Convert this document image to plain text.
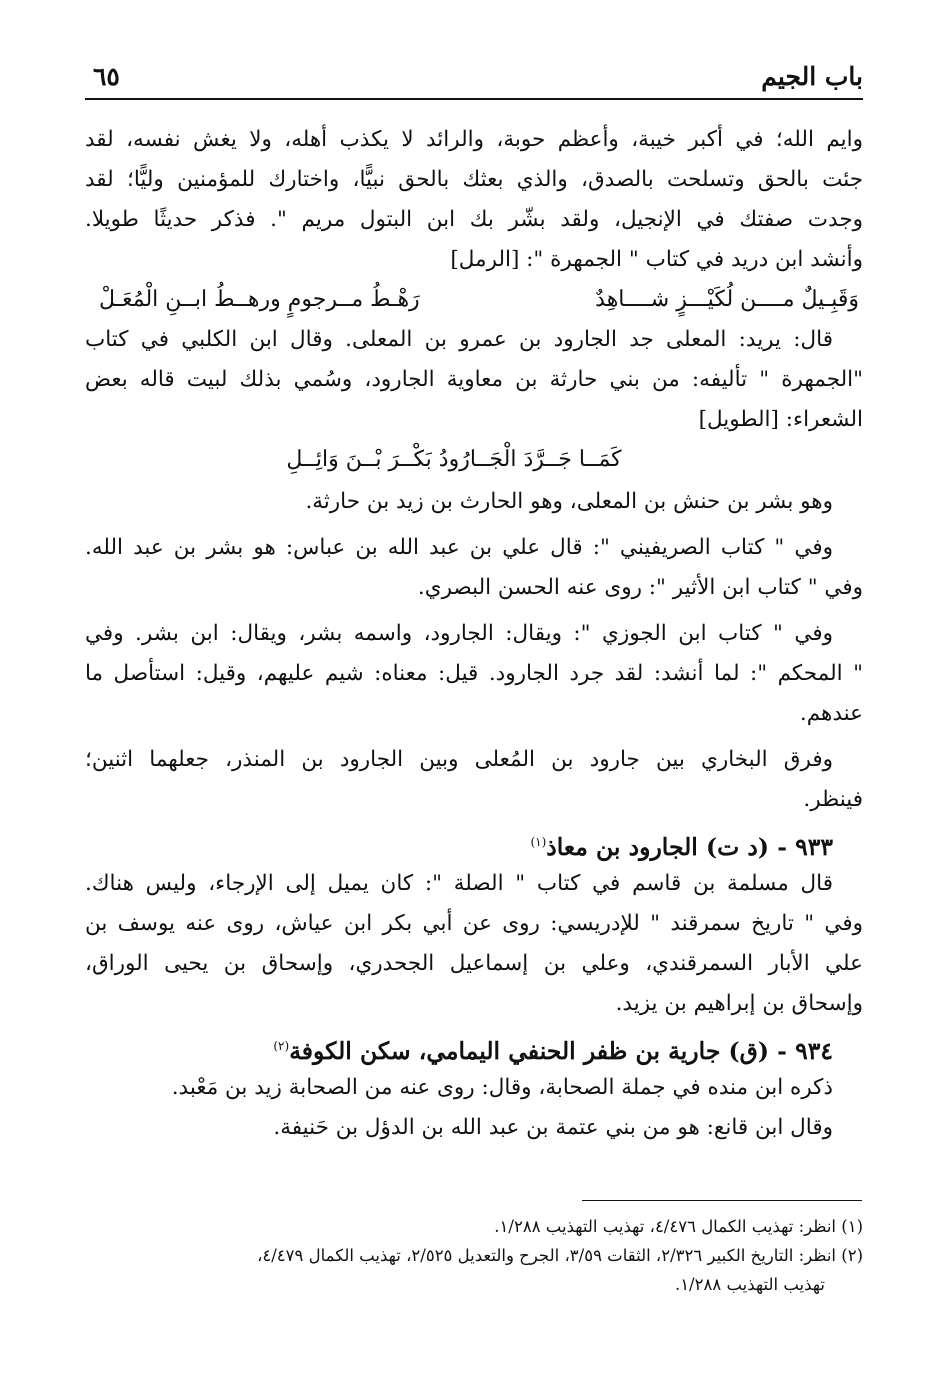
باب الجيم
٦٥
وايم الله؛ في أكبر خيبة، وأعظم حوبة، والرائد لا يكذب أهله، ولا يغش نفسه، لقد
جئت بالحق وتسلحت بالصدق، والذي بعثك بالحق نبيًّا، واختارك للمؤمنين وليًّا؛ لقد
وجدت صفتك في الإنجيل، ولقد بشّر بك ابن البتول مريم ". فذكر حديثًا طويلا.
وأنشد ابن دريد في كتاب " الجمهرة ": [الرمل]
وَقَبِـيلٌ مــــن لُكَيْـــزٍ شــــاهِدٌ
رَهْـطُ مــرجومٍ ورهــطُ ابــنِ الْمُعَـلْ
قال: يريد: المعلى جد الجارود بن عمرو بن المعلى. وقال ابن الكلبي في كتاب
"الجمهرة " تأليفه: من بني حارثة بن معاوية الجارود، وسُمي بذلك لبيت قاله بعض
الشعراء: [الطويل]
كَمَــا جَــرَّدَ الْجَــارُودُ بَكْــرَ بْــنَ وَائِــلِ
وهو بشر بن حنش بن المعلى، وهو الحارث بن زيد بن حارثة.
وفي " كتاب الصريفيني ": قال علي بن عبد الله بن عباس: هو بشر بن عبد الله.
وفي " كتاب ابن الأثير ": روى عنه الحسن البصري.
وفي " كتاب ابن الجوزي ": ويقال: الجارود، واسمه بشر، ويقال: ابن بشر. وفي
" المحكم ": لما أنشد: لقد جرد الجارود. قيل: معناه: شيم عليهم، وقيل: استأصل ما
عندهم.
وفرق البخاري بين جارود بن المُعلى وبين الجارود بن المنذر، جعلهما اثنين؛
فينظر.
٩٣٣ - (د ت) الجارود بن معاذ$^{(١)}$
قال مسلمة بن قاسم في كتاب " الصلة ": كان يميل إلى الإرجاء، وليس هناك.
وفي " تاريخ سمرقند " للإدريسي: روى عن أبي بكر ابن عياش، روى عنه يوسف بن
علي الأبار السمرقندي، وعلي بن إسماعيل الجحدري، وإسحاق بن يحيى الوراق،
وإسحاق بن إبراهيم بن يزيد.
٩٣٤ - (ق) جارية بن ظفر الحنفي اليمامي، سكن الكوفة$^{(٢)}$
ذكره ابن منده في جملة الصحابة، وقال: روى عنه من الصحابة زيد بن مَعْبد.
وقال ابن قانع: هو من بني عتمة بن عبد الله بن الدؤل بن حَنيفة.
(١) انظر: تهذيب الكمال ٤/٤٧٦، تهذيب التهذيب ١/٢٨٨.
(٢) انظر: التاريخ الكبير ٢/٣٢٦، الثقات ٣/٥٩، الجرح والتعديل ٢/٥٢٥، تهذيب الكمال ٤/٤٧٩،
تهذيب التهذيب ١/٢٨٨.
